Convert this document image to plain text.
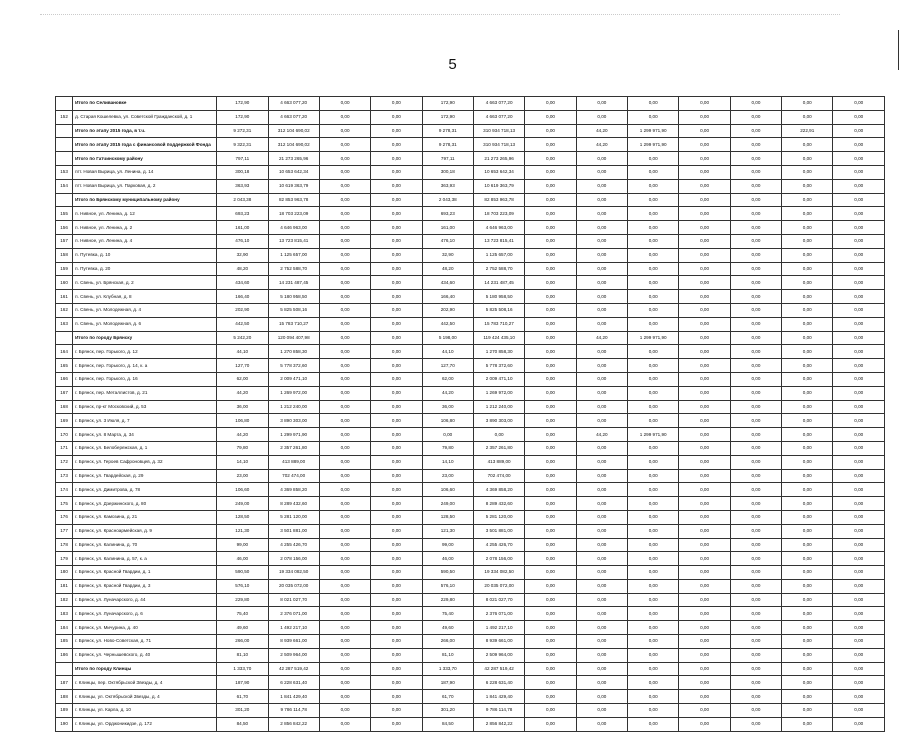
5
	Итого по Селивановке	172,90	4 663 077,20	0,00	0,00	172,90	4 663 077,20	0,00	0,00	0,00	0,00	0,00	0,00	0,00
152	д. Старая Кошелевка, ул. Советской Гражданской, д. 1	172,90	4 663 077,20	0,00	0,00	172,90	4 663 077,20	0,00	0,00	0,00	0,00	0,00	0,00	0,00
	Итого по этапу 2015 года, в т.ч.	9 272,31	312 104 690,02	0,00	0,00	9 278,31	310 934 718,13	0,00	44,20	1 299 971,90	0,00	0,00	222,91	0,00
	Итого по этапу 2015 года с финансовой поддержкой Фонда	9 322,31	312 104 690,02	0,00	0,00	9 278,31	310 934 718,13	0,00	44,20	1 299 971,90	0,00	0,00	0,00	0,00
	Итого по Гатчинскому району	797,11	21 273 265,96	0,00	0,00	797,11	21 273 265,96	0,00	0,00	0,00	0,00	0,00	0,00	0,00
153	пгт. Новая Вырица, ул. Ленина, д. 14	300,18	10 653 642,34	0,00	0,00	300,18	10 653 642,34	0,00	0,00	0,00	0,00	0,00	0,00	0,00
154	пгт. Новая Вырица, ул. Парковая, д. 2	363,93	10 619 363,79	0,00	0,00	363,93	10 619 363,79	0,00	0,00	0,00	0,00	0,00	0,00	0,00
	Итого по Брянскому муниципальному району	2 043,38	82 853 963,78	0,00	0,00	2 043,38	82 853 963,78	0,00	0,00	0,00	0,00	0,00	0,00	0,00
155	п. Нивное, ул. Ленина, д. 12	693,23	18 703 223,09	0,00	0,00	693,23	18 703 223,09	0,00	0,00	0,00	0,00	0,00	0,00	0,00
156	п. Нивное, ул. Ленина, д. 2	161,00	4 646 963,00	0,00	0,00	161,00	4 646 963,00	0,00	0,00	0,00	0,00	0,00	0,00	0,00
157	п. Нивное, ул. Ленина, д. 4	476,10	13 723 815,41	0,00	0,00	476,10	13 723 815,41	0,00	0,00	0,00	0,00	0,00	0,00	0,00
158	п. Путевка, д. 10	32,90	1 125 657,00	0,00	0,00	32,90	1 125 657,00	0,00	0,00	0,00	0,00	0,00	0,00	0,00
159	п. Путевка, д. 20	48,20	2 752 588,70	0,00	0,00	48,20	2 752 588,70	0,00	0,00	0,00	0,00	0,00	0,00	0,00
160	п. Свень, ул. Брянская, д. 2	434,60	14 231 487,45	0,00	0,00	434,60	14 231 487,45	0,00	0,00	0,00	0,00	0,00	0,00	0,00
161	п. Свень, ул. Клубная, д. 8	166,40	5 180 958,50	0,00	0,00	166,40	5 180 958,50	0,00	0,00	0,00	0,00	0,00	0,00	0,00
162	п. Свень, ул. Молодежная, д. 4	202,90	5 825 508,16	0,00	0,00	202,90	5 825 508,16	0,00	0,00	0,00	0,00	0,00	0,00	0,00
163	п. Свень, ул. Молодежная, д. 6	442,50	15 783 710,27	0,00	0,00	442,50	15 783 710,27	0,00	0,00	0,00	0,00	0,00	0,00	0,00
	Итого по городу Брянску	5 242,20	120 094 407,98	0,00	0,00	5 198,00	119 424 435,10	0,00	44,20	1 299 971,90	0,00	0,00	0,00	0,00
164	г. Брянск, пер. Горького, д. 12	44,10	1 270 858,30	0,00	0,00	44,10	1 270 858,30	0,00	0,00	0,00	0,00	0,00	0,00	0,00
165	г. Брянск, пер. Горького, д. 14, к. а	127,70	5 778 372,60	0,00	0,00	127,70	5 778 372,60	0,00	0,00	0,00	0,00	0,00	0,00	0,00
166	г. Брянск, пер. Горького, д. 16	62,00	2 009 471,10	0,00	0,00	62,00	2 009 471,10	0,00	0,00	0,00	0,00	0,00	0,00	0,00
167	г. Брянск, пер. Металлистов, д. 21	44,20	1 269 972,00	0,00	0,00	44,20	1 269 972,00	0,00	0,00	0,00	0,00	0,00	0,00	0,00
168	г. Брянск, пр-кт Московский, д. 53	36,00	1 212 240,00	0,00	0,00	36,00	1 212 240,00	0,00	0,00	0,00	0,00	0,00	0,00	0,00
169	г. Брянск, ул. 3 Июля, д. 7	106,80	3 890 303,00	0,00	0,00	106,80	3 890 303,00	0,00	0,00	0,00	0,00	0,00	0,00	0,00
170	г. Брянск, ул. 8 Марта, д. 34	44,20	1 299 971,90	0,00	0,00	0,00	0,00	0,00	44,20	1 299 971,90	0,00	0,00	0,00	0,00
171	г. Брянск, ул. Белобережская, д. 1	79,80	2 357 261,80	0,00	0,00	79,80	2 357 261,80	0,00	0,00	0,00	0,00	0,00	0,00	0,00
172	г. Брянск, ул. Героев Сафроновцев, д. 32	14,10	413 889,00	0,00	0,00	14,10	413 889,00	0,00	0,00	0,00	0,00	0,00	0,00	0,00
173	г. Брянск, ул. Гвардейская, д. 29	23,00	702 474,00	0,00	0,00	23,00	702 474,00	0,00	0,00	0,00	0,00	0,00	0,00	0,00
174	г. Брянск, ул. Димитрова, д. 78	106,60	4 369 858,20	0,00	0,00	106,60	4 369 858,20	0,00	0,00	0,00	0,00	0,00	0,00	0,00
175	г. Брянск, ул. Дзержинского, д. 80	249,00	8 289 432,60	0,00	0,00	249,00	8 289 432,60	0,00	0,00	0,00	0,00	0,00	0,00	0,00
176	г. Брянск, ул. Камозина, д. 21	128,50	5 281 120,00	0,00	0,00	128,50	5 281 120,00	0,00	0,00	0,00	0,00	0,00	0,00	0,00
177	г. Брянск, ул. Красноармейская, д. 9	121,30	3 501 881,00	0,00	0,00	121,30	3 501 881,00	0,00	0,00	0,00	0,00	0,00	0,00	0,00
178	г. Брянск, ул. Калинина, д. 70	99,00	4 255 426,70	0,00	0,00	99,00	4 255 426,70	0,00	0,00	0,00	0,00	0,00	0,00	0,00
179	г. Брянск, ул. Калинина, д. 57, к. а	46,00	2 078 156,00	0,00	0,00	46,00	2 078 156,00	0,00	0,00	0,00	0,00	0,00	0,00	0,00
180	г. Брянск, ул. Красной Гвардии, д. 1	590,50	19 334 082,50	0,00	0,00	590,50	19 334 082,50	0,00	0,00	0,00	0,00	0,00	0,00	0,00
181	г. Брянск, ул. Красной Гвардии, д. 3	576,10	20 035 072,00	0,00	0,00	576,10	20 035 072,00	0,00	0,00	0,00	0,00	0,00	0,00	0,00
182	г. Брянск, ул. Луначарского, д. 44	229,80	8 021 027,70	0,00	0,00	229,80	8 021 027,70	0,00	0,00	0,00	0,00	0,00	0,00	0,00
183	г. Брянск, ул. Луначарского, д. 6	75,40	2 376 071,00	0,00	0,00	75,40	2 376 071,00	0,00	0,00	0,00	0,00	0,00	0,00	0,00
184	г. Брянск, ул. Мичурина, д. 40	49,60	1 492 217,10	0,00	0,00	49,60	1 492 217,10	0,00	0,00	0,00	0,00	0,00	0,00	0,00
185	г. Брянск, ул. Ново-Советская, д. 71	266,00	8 939 661,00	0,00	0,00	266,00	8 939 661,00	0,00	0,00	0,00	0,00	0,00	0,00	0,00
186	г. Брянск, ул. Чернышевского, д. 40	81,10	2 509 964,00	0,00	0,00	81,10	2 509 964,00	0,00	0,00	0,00	0,00	0,00	0,00	0,00
	Итого по городу Клинцы	1 333,70	42 287 519,42	0,00	0,00	1 333,70	42 287 519,42	0,00	0,00	0,00	0,00	0,00	0,00	0,00
187	г. Клинцы, пер. Октябрьской Звезды, д. 4	187,90	6 228 631,40	0,00	0,00	187,90	6 228 631,40	0,00	0,00	0,00	0,00	0,00	0,00	0,00
188	г. Клинцы, ул. Октябрьской Звезды, д. 4	61,70	1 841 429,40	0,00	0,00	61,70	1 841 429,40	0,00	0,00	0,00	0,00	0,00	0,00	0,00
189	г. Клинцы, ул. Карла, д. 10	301,20	9 786 114,78	0,00	0,00	301,20	9 786 114,78	0,00	0,00	0,00	0,00	0,00	0,00	0,00
190	г. Клинцы, ул. Орджоникидзе, д. 172	84,50	2 856 842,22	0,00	0,00	84,50	2 856 842,22	0,00	0,00	0,00	0,00	0,00	0,00	0,00
